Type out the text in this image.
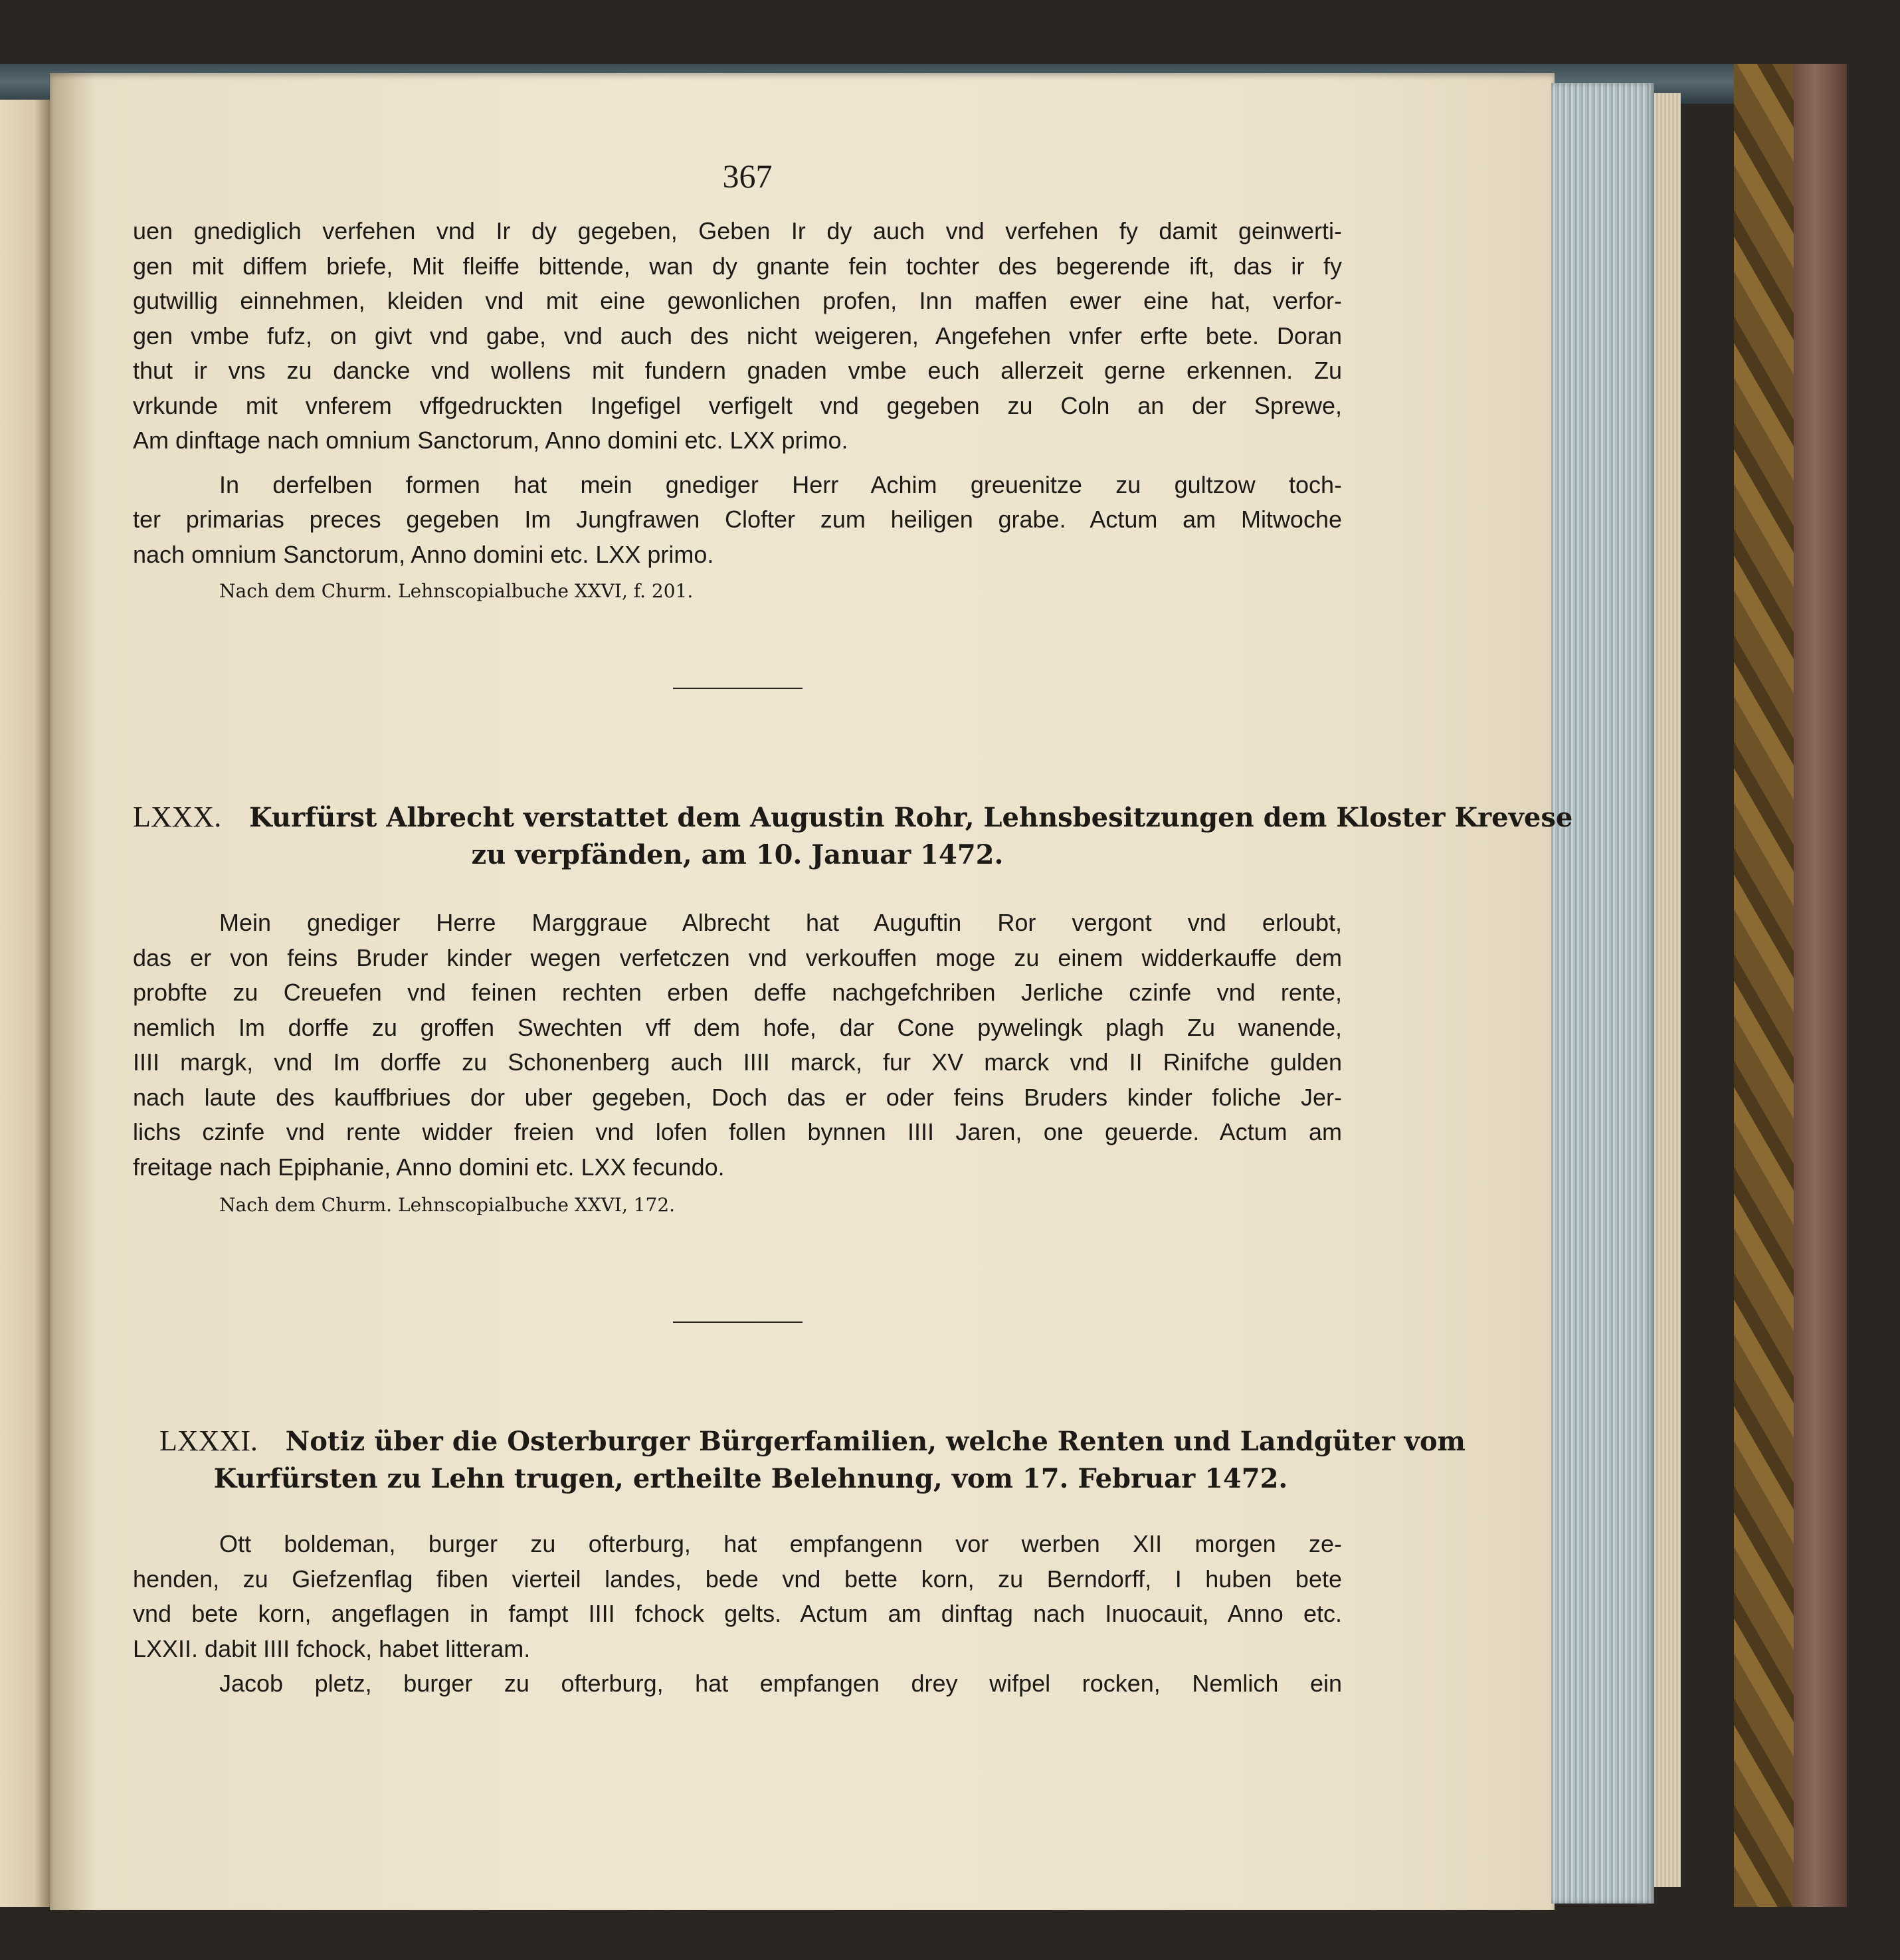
367
uen gnediglich verfehen vnd Ir dy gegeben, Geben Ir dy auch vnd verfehen fy damit geinwerti-
gen mit diffem briefe, Mit fleiffe bittende, wan dy gnante fein tochter des begerende ift, das ir fy
gutwillig einnehmen, kleiden vnd mit eine gewonlichen profen, Inn maffen ewer eine hat, verfor-
gen vmbe fufz, on givt vnd gabe, vnd auch des nicht weigeren, Angefehen vnfer erfte bete. Doran
thut ir vns zu dancke vnd wollens mit fundern gnaden vmbe euch allerzeit gerne erkennen. Zu
vrkunde mit vnferem vffgedruckten Ingefigel verfigelt vnd gegeben zu Coln an der Sprewe,
Am dinftage nach omnium Sanctorum, Anno domini etc. LXX primo.
In derfelben formen hat mein gnediger Herr Achim greuenitze zu gultzow toch-
ter primarias preces gegeben Im Jungfrawen Clofter zum heiligen grabe. Actum am Mitwoche
nach omnium Sanctorum, Anno domini etc. LXX primo.
Nach dem Churm. Lehnscopialbuche XXVI, f. 201.
LXXX. Kurfürst Albrecht verstattet dem Augustin Rohr, Lehnsbesitzungen dem Kloster Krevese
zu verpfänden, am 10. Januar 1472.
Mein gnediger Herre Marggraue Albrecht hat Auguftin Ror vergont vnd erloubt,
das er von feins Bruder kinder wegen verfetczen vnd verkouffen moge zu einem widderkauffe dem
probfte zu Creuefen vnd feinen rechten erben deffe nachgefchriben Jerliche czinfe vnd rente,
nemlich Im dorffe zu groffen Swechten vff dem hofe, dar Cone pywelingk plagh Zu wanende,
IIII margk, vnd Im dorffe zu Schonenberg auch IIII marck, fur XV marck vnd II Rinifche gulden
nach laute des kauffbriues dor uber gegeben, Doch das er oder feins Bruders kinder foliche Jer-
lichs czinfe vnd rente widder freien vnd lofen follen bynnen IIII Jaren, one geuerde. Actum am
freitage nach Epiphanie, Anno domini etc. LXX fecundo.
Nach dem Churm. Lehnscopialbuche XXVI, 172.
LXXXI. Notiz über die Osterburger Bürgerfamilien, welche Renten und Landgüter vom
Kurfürsten zu Lehn trugen, ertheilte Belehnung, vom 17. Februar 1472.
Ott boldeman, burger zu ofterburg, hat empfangenn vor werben XII morgen ze-
henden, zu Giefzenflag fiben vierteil landes, bede vnd bette korn, zu Berndorff, I huben bete
vnd bete korn, angeflagen in fampt IIII fchock gelts. Actum am dinftag nach Inuocauit, Anno etc.
LXXII. dabit IIII fchock, habet litteram.
Jacob pletz, burger zu ofterburg, hat empfangen drey wifpel rocken, Nemlich ein
